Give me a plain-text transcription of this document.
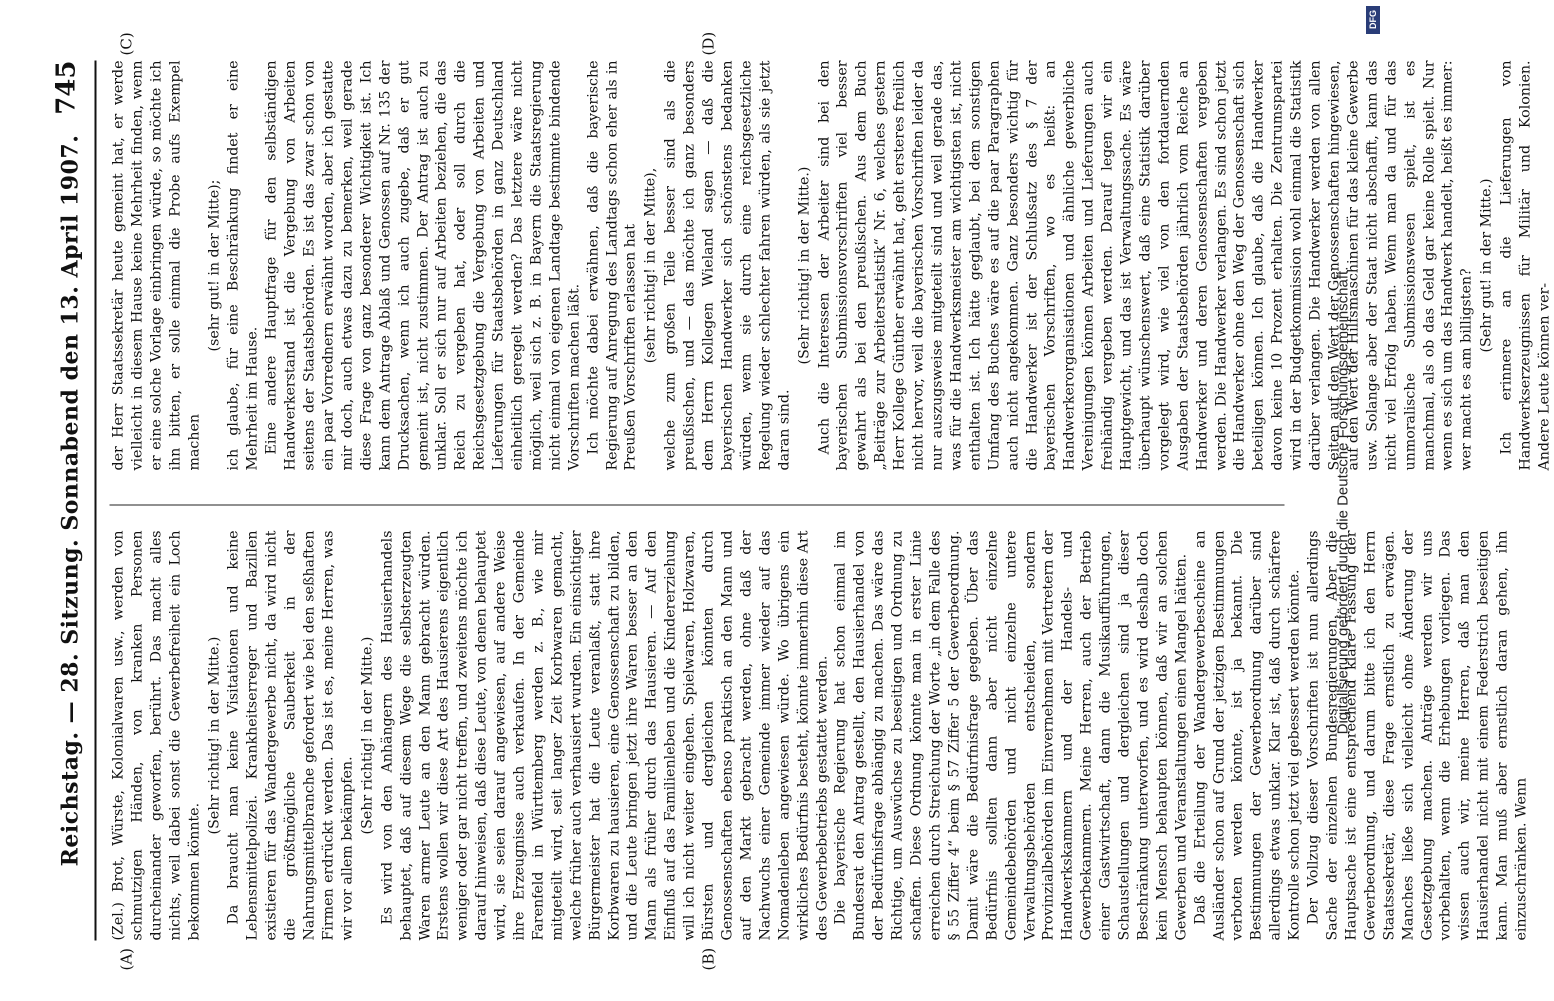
Reichstag. — 28. Sitzung. Sonnabend den 13. April 1907.
745
(A)	(B)
(C)	(D)

(Zel.) Brot, Würste, Kolonialwaren usw., werden von schmutzigen Händen, von kranken Personen durcheinander geworfen, berührt. Das macht alles nichts, weil dabei sonst die Gewerbefreiheit ein Loch bekommen könnte.

(Sehr richtig! in der Mitte.) Da braucht man keine Visitationen und keine Lebensmittelpolizei. Krankheitserreger und Bazillen existieren für das Wandergewerbe nicht, da wird nicht die größtmögliche Sauberkeit in der Nahrungsmittelbranche gefordert wie bei den seßhaften Firmen erdrückt werden. Das ist es, meine Herren, was wir vor allem bekämpfen.

(Sehr richtig! in der Mitte.) Es wird von den Anhängern des Hausierhandels behauptet, daß auf diesem Wege die selbsterzeugten Waren armer Leute an den Mann gebracht würden. Erstens wollen wir diese Art des Hausierens eigentlich weniger oder gar nicht treffen, und zweitens möchte ich darauf hinweisen, daß diese Leute, von denen behauptet wird, sie seien darauf angewiesen, auf andere Weise ihre Erzeugnisse auch verkaufen. In der Gemeinde Farenfeld in Württemberg werden z. B., wie mir mitgeteilt wird, seit langer Zeit Korbwaren gemacht, welche früher auch verhausiert wurden. Ein einsichtiger Bürgermeister hat die Leute veranlaßt, statt ihre Korbwaren zu hausieren, eine Genossenschaft zu bilden, und die Leute bringen jetzt ihre Waren besser an den Mann als früher durch das Hausieren. — Auf den Einfluß auf das Familienleben und die Kindererziehung will ich nicht weiter eingehen. Spielwaren, Holzwaren, Bürsten und dergleichen könnten durch Genossenschaften ebenso praktisch an den Mann und auf den Markt gebracht werden, ohne daß der Nachwuchs einer Gemeinde immer wieder auf das Nomadenleben angewiesen würde. Wo übrigens ein wirkliches Bedürfnis besteht, könnte immerhin diese Art des Gewerbebetriebs gestattet werden. Die bayerische Regierung hat schon einmal im Bundesrat den Antrag gestellt, den Hausierhandel von der Bedürfnisfrage abhängig zu machen. Das wäre das Richtige, um Auswüchse zu beseitigen und Ordnung zu schaffen. Diese Ordnung könnte man in erster Linie erreichen durch Streichung der Worte „in dem Falle des § 55 Ziffer 4“ beim § 57 Ziffer 5 der Gewerbeordnung. Damit wäre die Bedürfnisfrage gegeben. Über das Bedürfnis sollten dann aber nicht einzelne Gemeindebehörden und nicht einzelne untere Verwaltungsbehörden entscheiden, sondern Provinzialbehörden im Einvernehmen mit Vertretern der Handwerkskammern und der Handels- und Gewerbekammern. Meine Herren, auch der Betrieb einer Gastwirtschaft, dann die Musikaufführungen, Schaustellungen und dergleichen sind ja dieser Beschränkung unterworfen, und es wird deshalb doch kein Mensch behaupten können, daß wir an solchen Gewerben und Veranstaltungen einen Mangel hätten. Daß die Erteilung der Wandergewerbescheine an Ausländer schon auf Grund der jetzigen Bestimmungen verboten werden könnte, ist ja bekannt. Die Bestimmungen der Gewerbeordnung darüber sind allerdings etwas unklar. Klar ist, daß durch schärfere Kontrolle schon jetzt viel gebessert werden könnte. Der Vollzug dieser Vorschriften ist nun allerdings Sache der einzelnen Bundesregierungen. Aber die Hauptsache ist eine entsprechend klare Fassung der Gewerbeordnung, und darum bitte ich den Herrn Staatssekretär, diese Frage ernstlich zu erwägen. Manches ließe sich vielleicht ohne Änderung der Gesetzgebung machen. Anträge werden wir uns vorbehalten, wenn die Erhebungen vorliegen. Das wissen auch wir, meine Herren, daß man den Hausierhandel nicht mit einem Federstrich beseitigen kann. Man muß aber ernstlich daran gehen, ihn einzuschränken. Wenn

der Herr Staatssekretär heute gemeint hat, er werde vielleicht in diesem Hause keine Mehrheit finden, wenn er eine solche Vorlage einbringen würde, so möchte ich ihn bitten, er solle einmal die Probe aufs Exempel machen

(sehr gut! in der Mitte); ich glaube, für eine Beschränkung findet er eine Mehrheit im Hause. Eine andere Hauptfrage für den selbständigen Handwerkerstand ist die Vergebung von Arbeiten seitens der Staatsbehörden. Es ist das zwar schon von ein paar Vorrednern erwähnt worden, aber ich gestatte mir doch, auch etwas dazu zu bemerken, weil gerade diese Frage von ganz besonderer Wichtigkeit ist. Ich kann dem Antrage Ablaß und Genossen auf Nr. 135 der Drucksachen, wenn ich auch zugebe, daß er gut gemeint ist, nicht zustimmen. Der Antrag ist auch zu unklar. Soll er sich nur auf Arbeiten beziehen, die das Reich zu vergeben hat, oder soll durch die Reichsgesetzgebung die Vergebung von Arbeiten und Lieferungen für Staatsbehörden in ganz Deutschland einheitlich geregelt werden? Das letztere wäre nicht möglich, weil sich z. B. in Bayern die Staatsregierung nicht einmal von eigenen Landtage bestimmte bindende Vorschriften machen läßt. Ich möchte dabei erwähnen, daß die bayerische Regierung auf Anregung des Landtags schon eher als in Preußen Vorschriften erlassen hat (sehr richtig! in der Mitte), welche zum großen Teile besser sind als die preußischen, und — das möchte ich ganz besonders dem Herrn Kollegen Wieland sagen — daß die bayerischen Handwerker sich schönstens bedanken würden, wenn sie durch eine reichsgesetzliche Regelung wieder schlechter fahren würden, als sie jetzt daran sind.

(Sehr richtig! in der Mitte.) Auch die Interessen der Arbeiter sind bei den bayerischen Submissionsvorschriften viel besser gewahrt als bei den preußischen. Aus dem Buch „Beiträge zur Arbeiterstatistik“ Nr. 6, welches gestern Herr Kollege Günther erwähnt hat, geht ersteres freilich nicht hervor, weil die bayerischen Vorschriften leider da nur auszugsweise mitgeteilt sind und weil gerade das, was für die Handwerksmeister am wichtigsten ist, nicht enthalten ist. Ich hätte geglaubt, bei dem sonstigen Umfang des Buches wäre es auf die paar Paragraphen auch nicht angekommen. Ganz besonders wichtig für die Handwerker ist der Schlußsatz des § 7 der bayerischen Vorschriften, wo es heißt: an Handwerkerorganisationen und ähnliche gewerbliche Vereinigungen können Arbeiten und Lieferungen auch freihändig vergeben werden. Darauf legen wir ein Hauptgewicht, und das ist Verwaltungssache. Es wäre überhaupt wünschenswert, daß eine Statistik darüber vorgelegt wird, wie viel von den fortdauernden Ausgaben der Staatsbehörden jährlich vom Reiche an Handwerker und deren Genossenschaften vergeben werden. Die Handwerker verlangen. Es sind schon jetzt die Handwerker ohne den Weg der Genossenschaft sich beteiligen können. Ich glaube, daß die Handwerker davon keine 10 Prozent erhalten. Die Zentrumspartei wird in der Budgetkommission wohl einmal die Statistik darüber verlangen. Die Handwerker werden von allen Seiten auf den Wert der Genossenschaften hingewiesen, auf den Wert der Hilfsmaschinen für das kleine Gewerbe usw. Solange aber der Staat nicht abschafft, kann das nicht viel Erfolg haben. Wenn man da und für das unmoralische Submissionswesen spielt, ist es manchmal, als ob das Geld gar keine Rolle spielt. Nur wenn es sich um das Handwerk handelt, heißt es immer: wer macht es am billigsten?

(Sehr gut! in der Mitte.) Ich erinnere an die Lieferungen von Handwerkserzeugnissen für Militär und Kolonien. Andere Leute können ver-

Digitalisierung gefördert durch die Deutsche Forschungsgemeinschaft.
DFG
